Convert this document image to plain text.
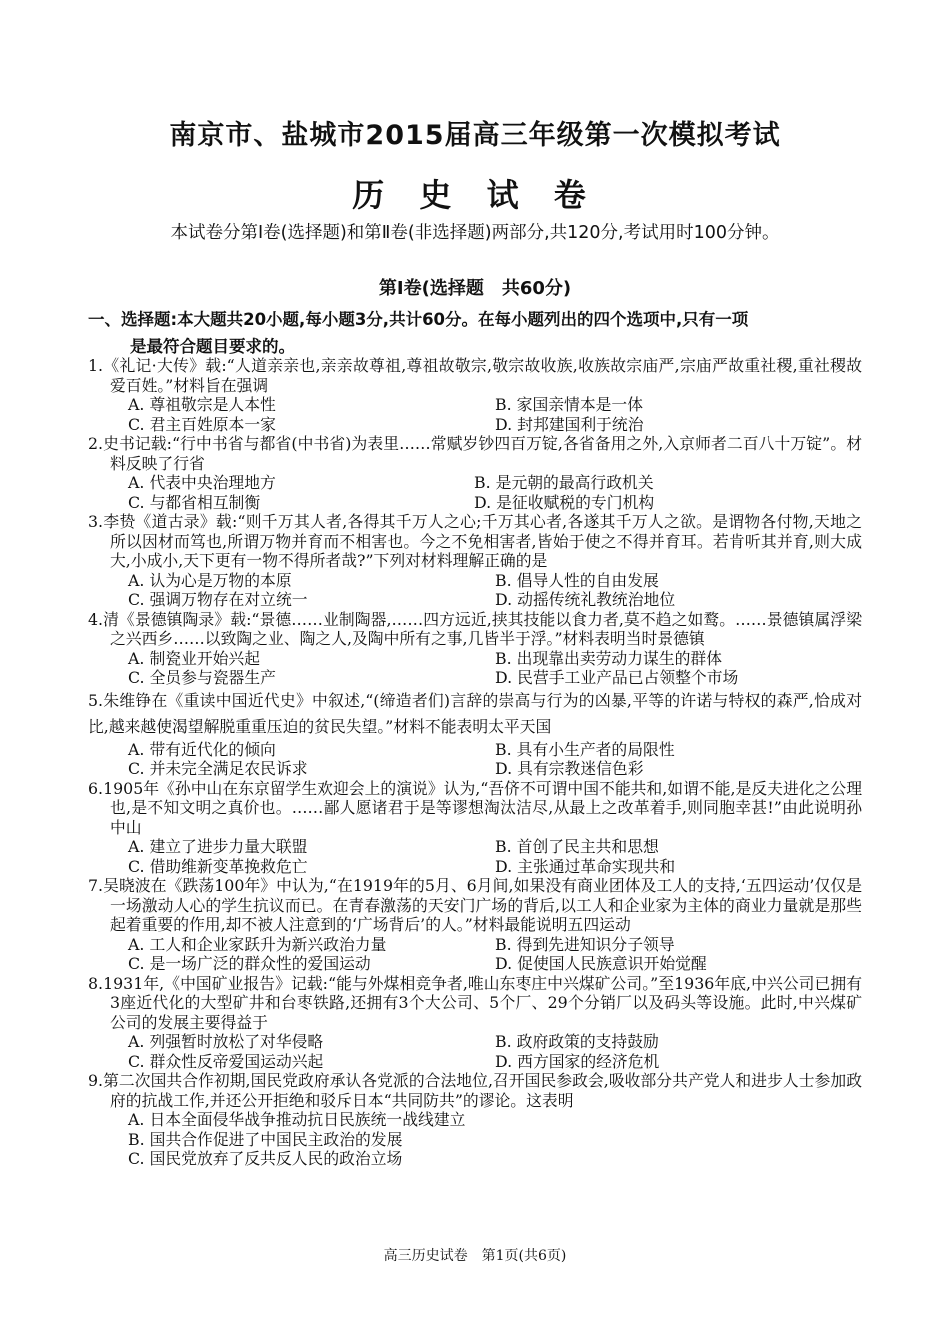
南京市、盐城市2015届高三年级第一次模拟考试
历 史 试 卷
本试卷分第Ⅰ卷(选择题)和第Ⅱ卷(非选择题)两部分,共120分,考试用时100分钟。
第Ⅰ卷(选择题　共60分)
一、选择题:本大题共20小题,每小题3分,共计60分。在每小题列出的四个选项中,只有一项
是最符合题目要求的。
1.《礼记·大传》载:“人道亲亲也,亲亲故尊祖,尊祖故敬宗,敬宗故收族,收族故宗庙严,宗庙严故重社稷,重社稷故爱百姓。”材料旨在强调
A. 尊祖敬宗是人本性	B. 家国亲情本是一体
C. 君主百姓原本一家	D. 封邦建国利于统治
2.史书记载:“行中书省与都省(中书省)为表里……常赋岁钞四百万锭,各省备用之外,入京师者二百八十万锭”。材料反映了行省
A. 代表中央治理地方	B. 是元朝的最高行政机关
C. 与都省相互制衡	D. 是征收赋税的专门机构
3.李贽《道古录》载:“则千万其人者,各得其千万人之心;千万其心者,各遂其千万人之欲。是谓物各付物,天地之所以因材而笃也,所谓万物并育而不相害也。今之不免相害者,皆始于使之不得并育耳。若肯听其并育,则大成大,小成小,天下更有一物不得所者哉?”下列对材料理解正确的是
A. 认为心是万物的本原	B. 倡导人性的自由发展
C. 强调万物存在对立统一	D. 动摇传统礼教统治地位
4.清《景德镇陶录》载:“景德……业制陶器,……四方远近,挟其技能以食力者,莫不趋之如鹜。……景德镇属浮梁之兴西乡……以致陶之业、陶之人,及陶中所有之事,几皆半于浮。”材料表明当时景德镇
A. 制瓷业开始兴起	B. 出现靠出卖劳动力谋生的群体
C. 全员参与瓷器生产	D. 民营手工业产品已占领整个市场
5.朱维铮在《重读中国近代史》中叙述,“(缔造者们)言辞的崇高与行为的凶暴,平等的许诺与特权的森严,恰成对比,越来越使渴望解脱重重压迫的贫民失望。”材料不能表明太平天国
A. 带有近代化的倾向	B. 具有小生产者的局限性
C. 并未完全满足农民诉求	D. 具有宗教迷信色彩
6.1905年《孙中山在东京留学生欢迎会上的演说》认为,“吾侪不可谓中国不能共和,如谓不能,是反夫进化之公理也,是不知文明之真价也。……鄙人愿诸君于是等谬想淘汰洁尽,从最上之改革着手,则同胞幸甚!”由此说明孙中山
A. 建立了进步力量大联盟	B. 首创了民主共和思想
C. 借助维新变革挽救危亡	D. 主张通过革命实现共和
7.吴晓波在《跌荡100年》中认为,“在1919年的5月、6月间,如果没有商业团体及工人的支持,‘五四运动’仅仅是一场激动人心的学生抗议而已。在青春激荡的天安门广场的背后,以工人和企业家为主体的商业力量就是那些起着重要的作用,却不被人注意到的‘广场背后’的人。”材料最能说明五四运动
A. 工人和企业家跃升为新兴政治力量	B. 得到先进知识分子领导
C. 是一场广泛的群众性的爱国运动	D. 促使国人民族意识开始觉醒
8.1931年,《中国矿业报告》记载:“能与外煤相竞争者,唯山东枣庄中兴煤矿公司。”至1936年底,中兴公司已拥有3座近代化的大型矿井和台枣铁路,还拥有3个大公司、5个厂、29个分销厂以及码头等设施。此时,中兴煤矿公司的发展主要得益于
A. 列强暂时放松了对华侵略	B. 政府政策的支持鼓励
C. 群众性反帝爱国运动兴起	D. 西方国家的经济危机
9.第二次国共合作初期,国民党政府承认各党派的合法地位,召开国民参政会,吸收部分共产党人和进步人士参加政府的抗战工作,并还公开拒绝和驳斥日本“共同防共”的谬论。这表明
A. 日本全面侵华战争推动抗日民族统一战线建立
B. 国共合作促进了中国民主政治的发展
C. 国民党放弃了反共反人民的政治立场
高三历史试卷　第1页(共6页)
